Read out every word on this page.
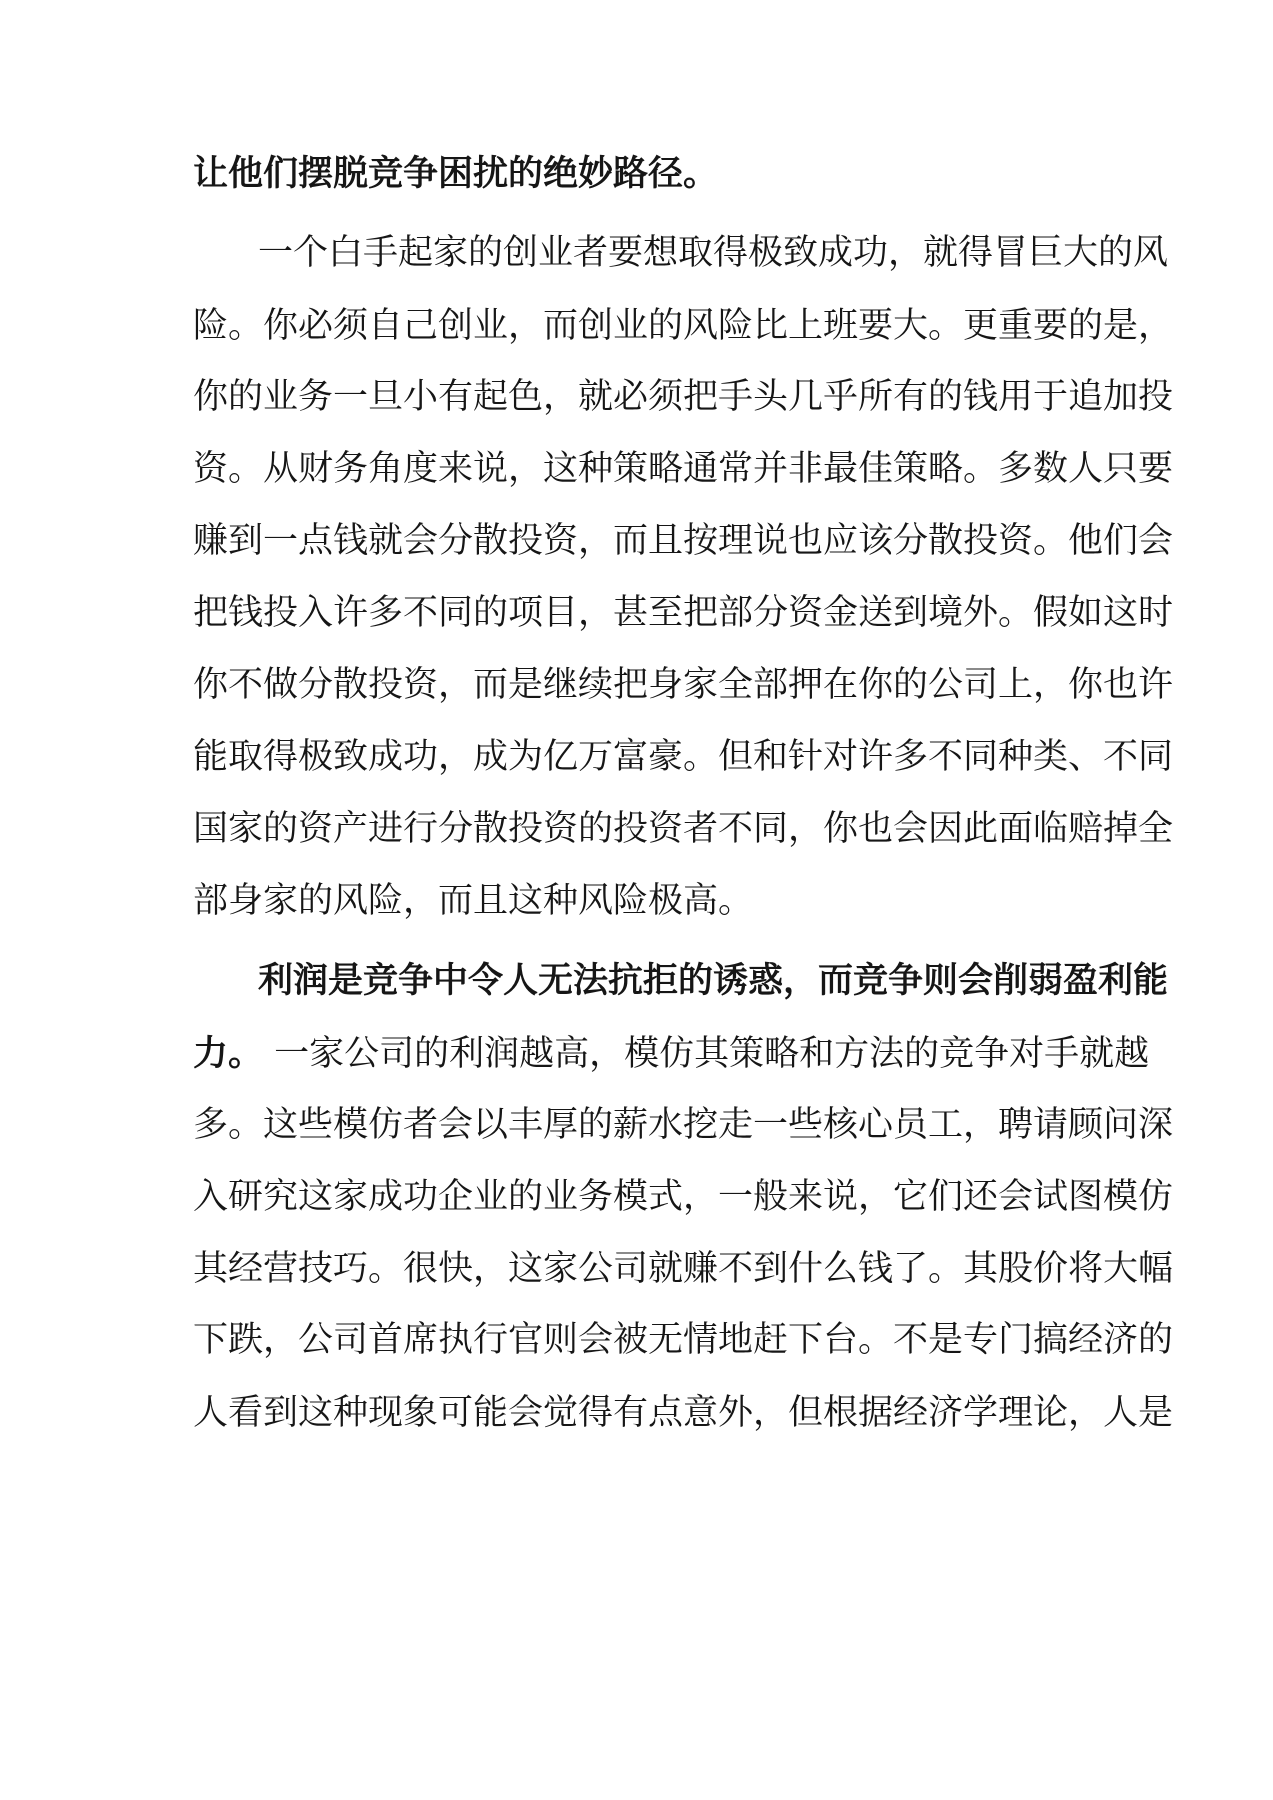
让他们摆脱竞争困扰的绝妙路径。
一个白手起家的创业者要想取得极致成功，就得冒巨大的风
险。你必须自己创业，而创业的风险比上班要大。更重要的是，
你的业务一旦小有起色，就必须把手头几乎所有的钱用于追加投
资。从财务角度来说，这种策略通常并非最佳策略。多数人只要
赚到一点钱就会分散投资，而且按理说也应该分散投资。他们会
把钱投入许多不同的项目，甚至把部分资金送到境外。假如这时
你不做分散投资，而是继续把身家全部押在你的公司上，你也许
能取得极致成功，成为亿万富豪。但和针对许多不同种类、不同
国家的资产进行分散投资的投资者不同，你也会因此面临赔掉全
部身家的风险，而且这种风险极高。
利润是竞争中令人无法抗拒的诱惑，而竞争则会削弱盈利能
力。 一家公司的利润越高，模仿其策略和方法的竞争对手就越
多。这些模仿者会以丰厚的薪水挖走一些核心员工，聘请顾问深
入研究这家成功企业的业务模式，一般来说，它们还会试图模仿
其经营技巧。很快，这家公司就赚不到什么钱了。其股价将大幅
下跌，公司首席执行官则会被无情地赶下台。不是专门搞经济的
人看到这种现象可能会觉得有点意外，但根据经济学理论，人是
